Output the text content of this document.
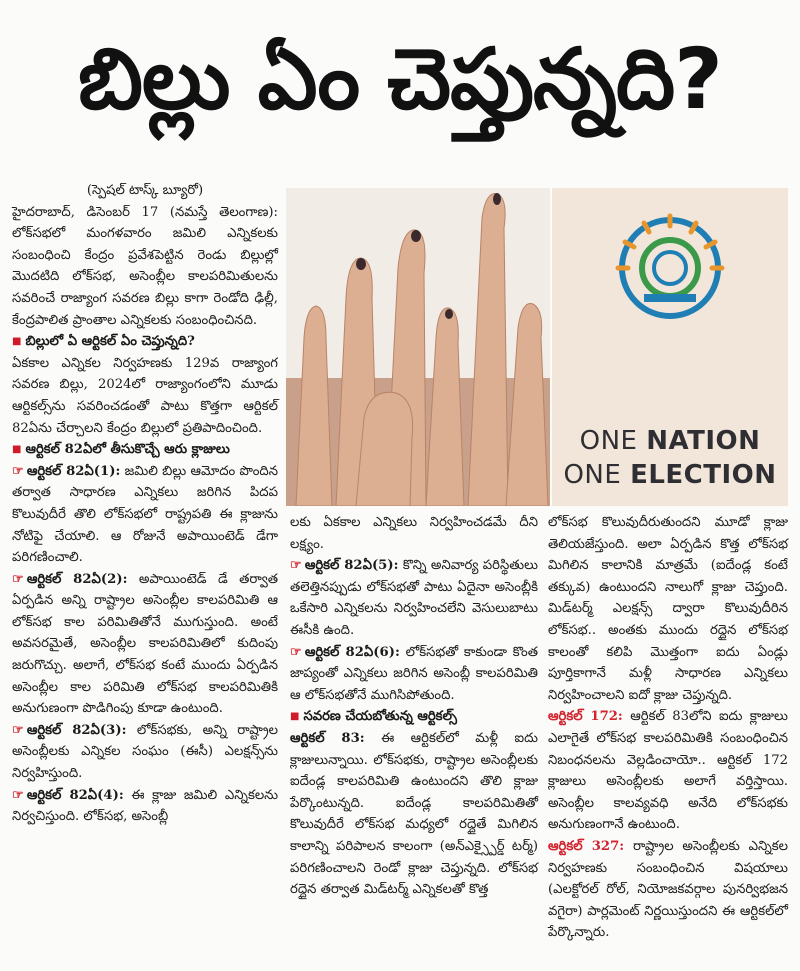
బిల్లు ఏం చెప్తున్నది?

(స్పెషల్ టాస్క్ బ్యూరో)

హైదరాబాద్, డిసెంబర్ 17 (నమస్తే తెలంగాణ): లోక్‌సభలో మంగళవారం జమిలి ఎన్నికలకు సంబంధించి కేంద్రం ప్రవేశపెట్టిన రెండు బిల్లుల్లో మొదటిది లోక్‌సభ, అసెంబ్లీల కాలపరిమితులను సవరించే రాజ్యాంగ సవరణ బిల్లు కాగా రెండోది ఢిల్లీ, కేంద్రపాలిత ప్రాంతాల ఎన్నికలకు సంబంధించినది.

■ బిల్లులో ఏ ఆర్టికల్ ఏం చెప్తున్నది?

ఏకకాల ఎన్నికల నిర్వహణకు 129వ రాజ్యాంగ సవరణ బిల్లు, 2024లో రాజ్యాంగంలోని మూడు ఆర్టికల్స్‌ను సవరించడంతో పాటు కొత్తగా ఆర్టికల్ 82ఏను చేర్చాలని కేంద్రం బిల్లులో ప్రతిపాదించింది.

■ ఆర్టికల్ 82ఏలో తీసుకొచ్చే ఆరు క్లాజులు

☞ ఆర్టికల్ 82ఏ(1): జమిలి బిల్లు ఆమోదం పొందిన తర్వాత సాధారణ ఎన్నికలు జరిగిన పిదప కొలువుదీరే తొలి లోక్‌సభలో రాష్ట్రపతి ఈ క్లాజును నోటిఫై చేయాలి. ఆ రోజునే అపాయింటెడ్ డేగా పరిగణించాలి.

☞ ఆర్టికల్ 82ఏ(2): అపాయింటెడ్ డే తర్వాత ఏర్పడిన అన్ని రాష్ట్రాల అసెంబ్లీల కాలపరిమితి ఆ లోక్‌సభ కాల పరిమితితోనే ముగుస్తుంది. అంటే అవసరమైతే, అసెంబ్లీల కాలపరిమితిలో కుదింపు జరుగొచ్చు. అలాగే, లోక్‌సభ కంటే ముందు ఏర్పడిన అసెంబ్లీల కాల పరిమితి లోక్‌సభ కాలపరిమితికి అనుగుణంగా పొడిగింపు కూడా ఉంటుంది.

☞ ఆర్టికల్ 82ఏ(3): లోక్‌సభకు, అన్ని రాష్ట్రాల అసెంబ్లీలకు ఎన్నికల సంఘం (ఈసీ) ఎలక్షన్స్‌ను నిర్వహిస్తుంది.

☞ ఆర్టికల్ 82ఏ(4): ఈ క్లాజు జమిలి ఎన్నికలను నిర్వచిస్తుంది. లోక్‌సభ, అసెంబ్లీ

ONE NATION
ONE ELECTION

లకు ఏకకాల ఎన్నికలు నిర్వహించడమే దీని లక్ష్యం.

☞ ఆర్టికల్ 82ఏ(5): కొన్ని అనివార్య పరిస్థితులు తలెత్తినప్పుడు లోక్‌సభతో పాటు ఏదైనా అసెంబ్లీకి ఒకేసారి ఎన్నికలను నిర్వహించలేని వెసులుబాటు ఈసీకి ఉంది.

☞ ఆర్టికల్ 82ఏ(6): లోక్‌సభతో కాకుండా కొంత జాప్యంతో ఎన్నికలు జరిగిన అసెంబ్లీ కాలపరిమితి ఆ లోక్‌సభతోనే ముగిసిపోతుంది.

■ సవరణ చేయబోతున్న ఆర్టికల్స్

ఆర్టికల్ 83: ఈ ఆర్టికల్‌లో మళ్లీ ఐదు క్లాజులున్నాయి. లోక్‌సభకు, రాష్ట్రాల అసెంబ్లీలకు ఐదేండ్ల కాలపరిమితి ఉంటుందని తొలి క్లాజు పేర్కొంటున్నది. ఐదేండ్ల కాలపరిమితితో కొలువుదీరే లోక్‌సభ మధ్యలో రద్దైతే మిగిలిన కాలాన్ని పరిపాలన కాలంగా (అన్‌ఎక్స్పైర్డ్ టర్మ్) పరిగణించాలని రెండో క్లాజు చెప్తున్నది. లోక్‌సభ రద్దైన తర్వాత మిడ్‌టర్మ్ ఎన్నికలతో కొత్త

లోక్‌సభ కొలువుదీరుతుందని మూడో క్లాజు తెలియజేస్తుంది. అలా ఏర్పడిన కొత్త లోక్‌సభ మిగిలిన కాలానికి మాత్రమే (ఐదేండ్ల కంటే తక్కువ) ఉంటుందని నాలుగో క్లాజు చెప్తుంది. మిడ్‌టర్మ్ ఎలక్షన్స్ ద్వారా కొలువుదీరిన లోక్‌సభ.. అంతకు ముందు రద్దైన లోక్‌సభ కాలంతో కలిపి మొత్తంగా ఐదు ఏండ్లు పూర్తికాగానే మళ్లీ సాధారణ ఎన్నికలు నిర్వహించాలని ఐదో క్లాజు చెప్తున్నది.

ఆర్టికల్ 172: ఆర్టికల్ 83లోని ఐదు క్లాజులు ఎలాగైతే లోక్‌సభ కాలపరిమితికి సంబంధించిన నిబంధనలను వెల్లడించాయో.. ఆర్టికల్ 172 క్లాజులు అసెంబ్లీలకు అలాగే వర్తిస్తాయి. అసెంబ్లీల కాలవ్యవధి అనేది లోక్‌సభకు అనుగుణంగానే ఉంటుంది.

ఆర్టికల్ 327: రాష్ట్రాల అసెంబ్లీలకు ఎన్నికల నిర్వహణకు సంబంధించిన విషయాలు (ఎలక్టోరల్ రోల్, నియోజకవర్గాల పునర్విభజన వగైరా) పార్లమెంట్ నిర్ణయిస్తుందని ఈ ఆర్టికల్‌లో పేర్కొన్నారు.
